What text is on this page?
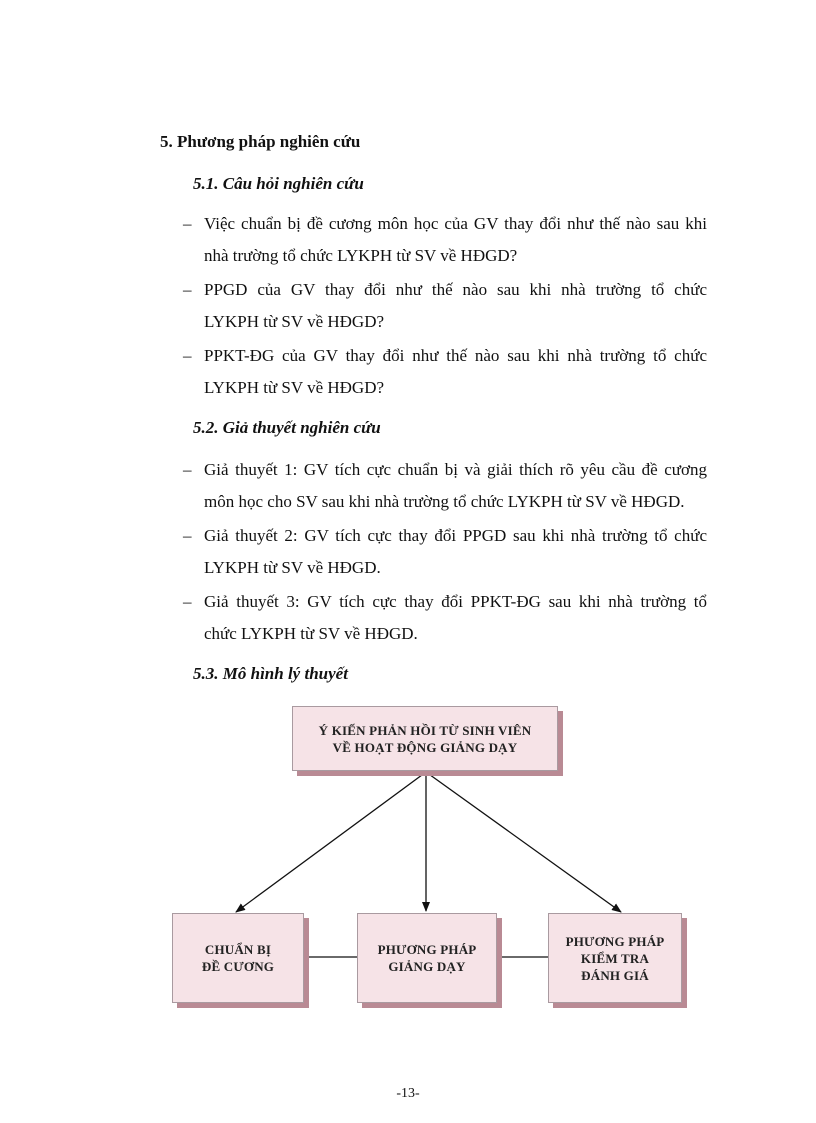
5. Phương pháp nghiên cứu
5.1. Câu hỏi nghiên cứu
– Việc chuẩn bị đề cương môn học của GV thay đổi như thế nào sau khi
nhà trường tổ chức LYKPH từ SV về HĐGD?
– PPGD của GV thay đổi như thế nào sau khi nhà trường tổ chức
LYKPH từ SV về HĐGD?
– PPKT-ĐG của GV thay đổi như thế nào sau khi nhà trường tổ chức
LYKPH từ SV về HĐGD?
5.2. Giả thuyết nghiên cứu
– Giả thuyết 1: GV tích cực chuẩn bị và giải thích rõ yêu cầu đề cương
môn học cho SV sau khi nhà trường tổ chức LYKPH từ SV về HĐGD.
– Giả thuyết 2: GV tích cực thay đổi PPGD sau khi nhà trường tổ chức
LYKPH từ SV về HĐGD.
– Giả thuyết 3: GV tích cực thay đổi PPKT-ĐG sau khi nhà trường tổ
chức LYKPH từ SV về HĐGD.
5.3. Mô hình lý thuyết
Ý KIẾN PHẢN HỒI TỪ SINH VIÊN
VỀ HOẠT ĐỘNG GIẢNG DẠY
CHUẨN BỊ
ĐỀ CƯƠNG
PHƯƠNG PHÁP
GIẢNG DẠY
PHƯƠNG PHÁP
KIỂM TRA
ĐÁNH GIÁ
-13-
